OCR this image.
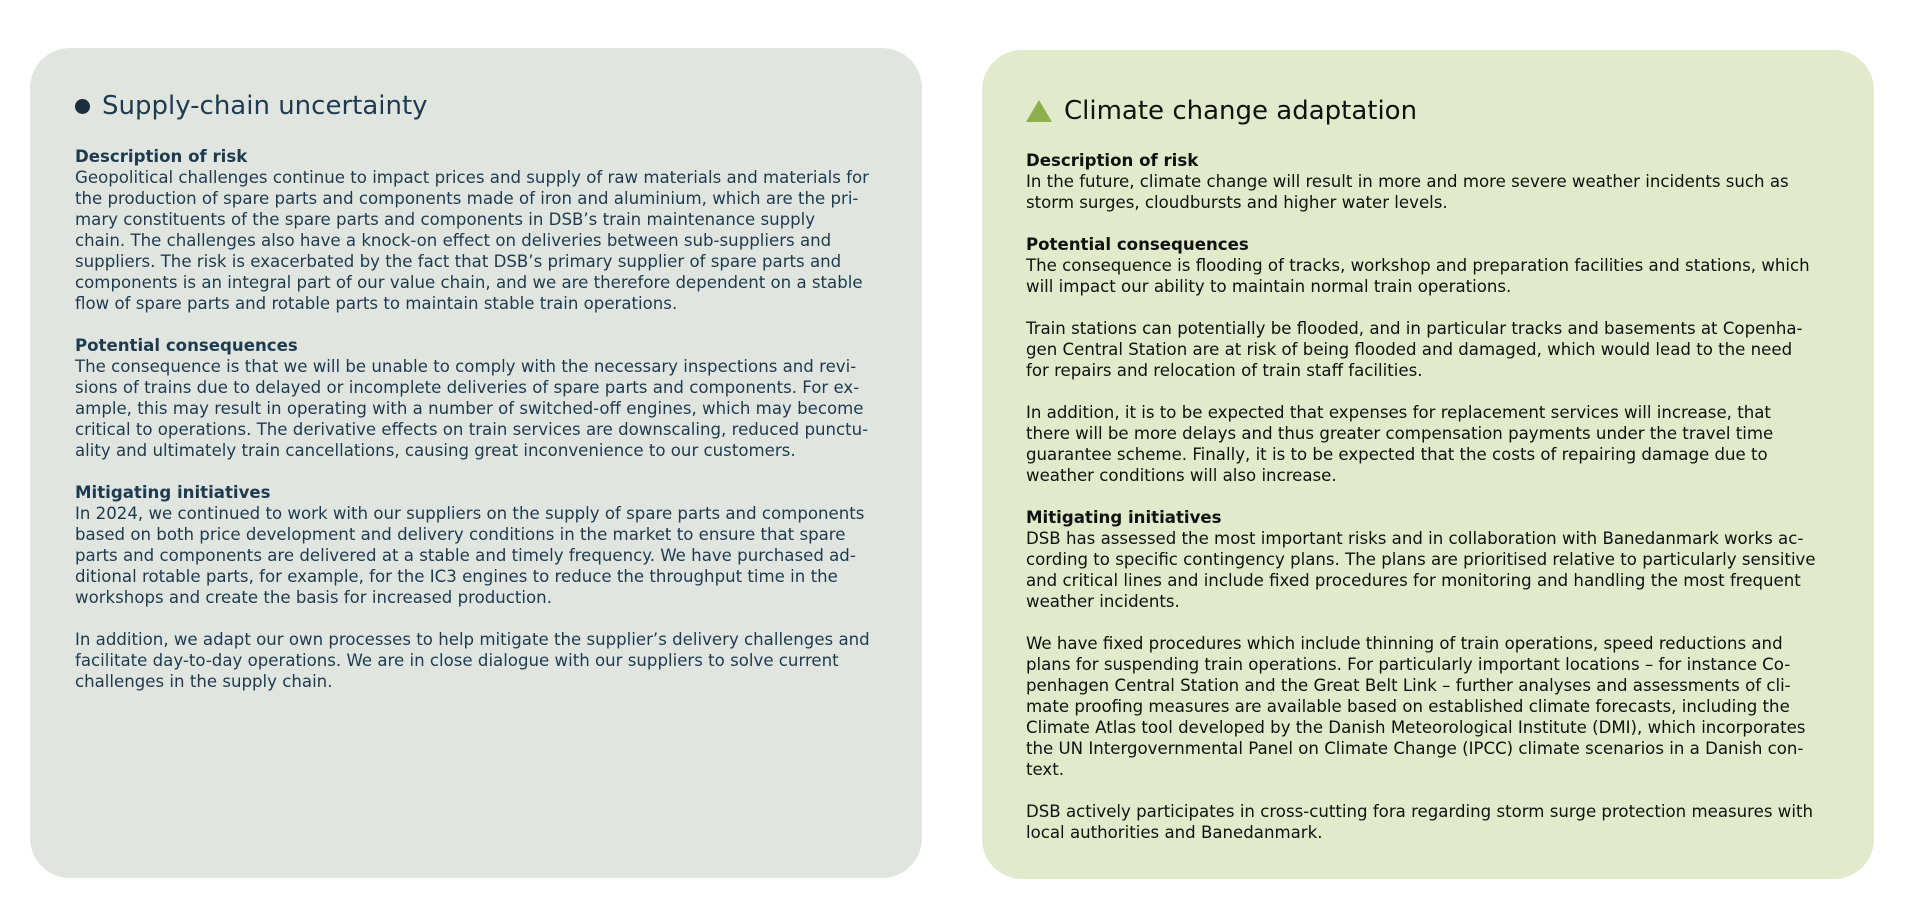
Supply-chain uncertainty

Description of risk

Geopolitical challenges continue to impact prices and supply of raw materials and materials for

the production of spare parts and components made of iron and aluminium, which are the pri-

mary constituents of the spare parts and components in DSB’s train maintenance supply

chain. The challenges also have a knock-on effect on deliveries between sub-suppliers and

suppliers. The risk is exacerbated by the fact that DSB’s primary supplier of spare parts and

components is an integral part of our value chain, and we are therefore dependent on a stable

flow of spare parts and rotable parts to maintain stable train operations.

Potential consequences

The consequence is that we will be unable to comply with the necessary inspections and revi-

sions of trains due to delayed or incomplete deliveries of spare parts and components. For ex-

ample, this may result in operating with a number of switched-off engines, which may become

critical to operations. The derivative effects on train services are downscaling, reduced punctu-

ality and ultimately train cancellations, causing great inconvenience to our customers.

Mitigating initiatives

In 2024, we continued to work with our suppliers on the supply of spare parts and components

based on both price development and delivery conditions in the market to ensure that spare

parts and components are delivered at a stable and timely frequency. We have purchased ad-

ditional rotable parts, for example, for the IC3 engines to reduce the throughput time in the

workshops and create the basis for increased production.

In addition, we adapt our own processes to help mitigate the supplier’s delivery challenges and

facilitate day-to-day operations. We are in close dialogue with our suppliers to solve current

challenges in the supply chain.

Climate change adaptation

Description of risk

In the future, climate change will result in more and more severe weather incidents such as

storm surges, cloudbursts and higher water levels.

Potential consequences

The consequence is flooding of tracks, workshop and preparation facilities and stations, which

will impact our ability to maintain normal train operations.

Train stations can potentially be flooded, and in particular tracks and basements at Copenha-

gen Central Station are at risk of being flooded and damaged, which would lead to the need

for repairs and relocation of train staff facilities.

In addition, it is to be expected that expenses for replacement services will increase, that

there will be more delays and thus greater compensation payments under the travel time

guarantee scheme. Finally, it is to be expected that the costs of repairing damage due to

weather conditions will also increase.

Mitigating initiatives

DSB has assessed the most important risks and in collaboration with Banedanmark works ac-

cording to specific contingency plans. The plans are prioritised relative to particularly sensitive

and critical lines and include fixed procedures for monitoring and handling the most frequent

weather incidents.

We have fixed procedures which include thinning of train operations, speed reductions and

plans for suspending train operations. For particularly important locations – for instance Co-

penhagen Central Station and the Great Belt Link – further analyses and assessments of cli-

mate proofing measures are available based on established climate forecasts, including the

Climate Atlas tool developed by the Danish Meteorological Institute (DMI), which incorporates

the UN Intergovernmental Panel on Climate Change (IPCC) climate scenarios in a Danish con-

text.

DSB actively participates in cross-cutting fora regarding storm surge protection measures with

local authorities and Banedanmark.
